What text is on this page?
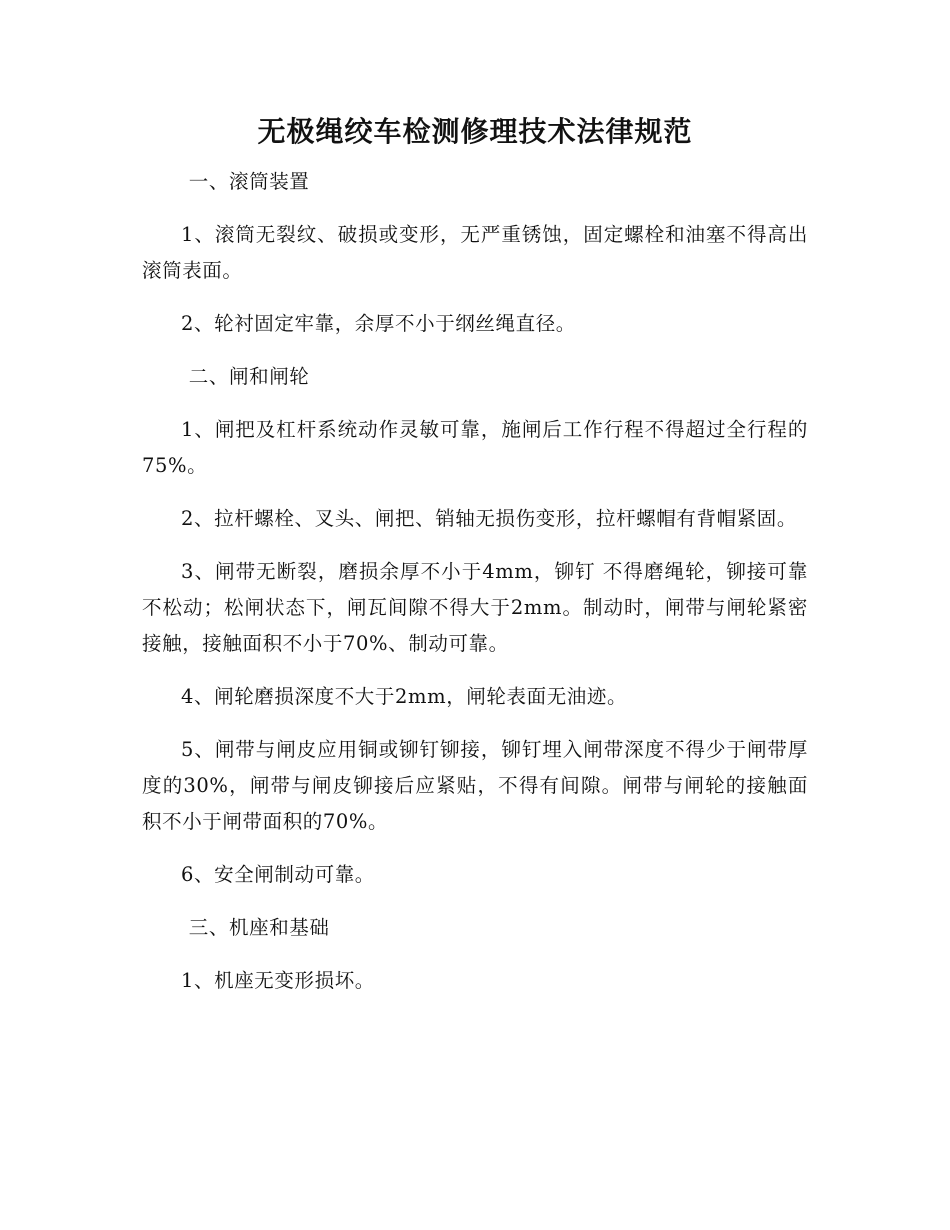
无极绳绞车检测修理技术法律规范

一、滚筒装置

1、滚筒无裂纹、破损或变形，无严重锈蚀，固定螺栓和油塞不得高出滚筒表面。

2、轮衬固定牢靠，余厚不小于纲丝绳直径。

二、闸和闸轮

1、闸把及杠杆系统动作灵敏可靠，施闸后工作行程不得超过全行程的75%。

2、拉杆螺栓、叉头、闸把、销轴无损伤变形，拉杆螺帽有背帽紧固。

3、闸带无断裂，磨损余厚不小于4mm，铆钉 不得磨绳轮，铆接可靠不松动；松闸状态下，闸瓦间隙不得大于2mm。制动时，闸带与闸轮紧密接触，接触面积不小于70%、制动可靠。

4、闸轮磨损深度不大于2mm，闸轮表面无油迹。

5、闸带与闸皮应用铜或铆钉铆接，铆钉埋入闸带深度不得少于闸带厚度的30%，闸带与闸皮铆接后应紧贴，不得有间隙。闸带与闸轮的接触面积不小于闸带面积的70%。

6、安全闸制动可靠。

三、机座和基础

1、机座无变形损坏。
